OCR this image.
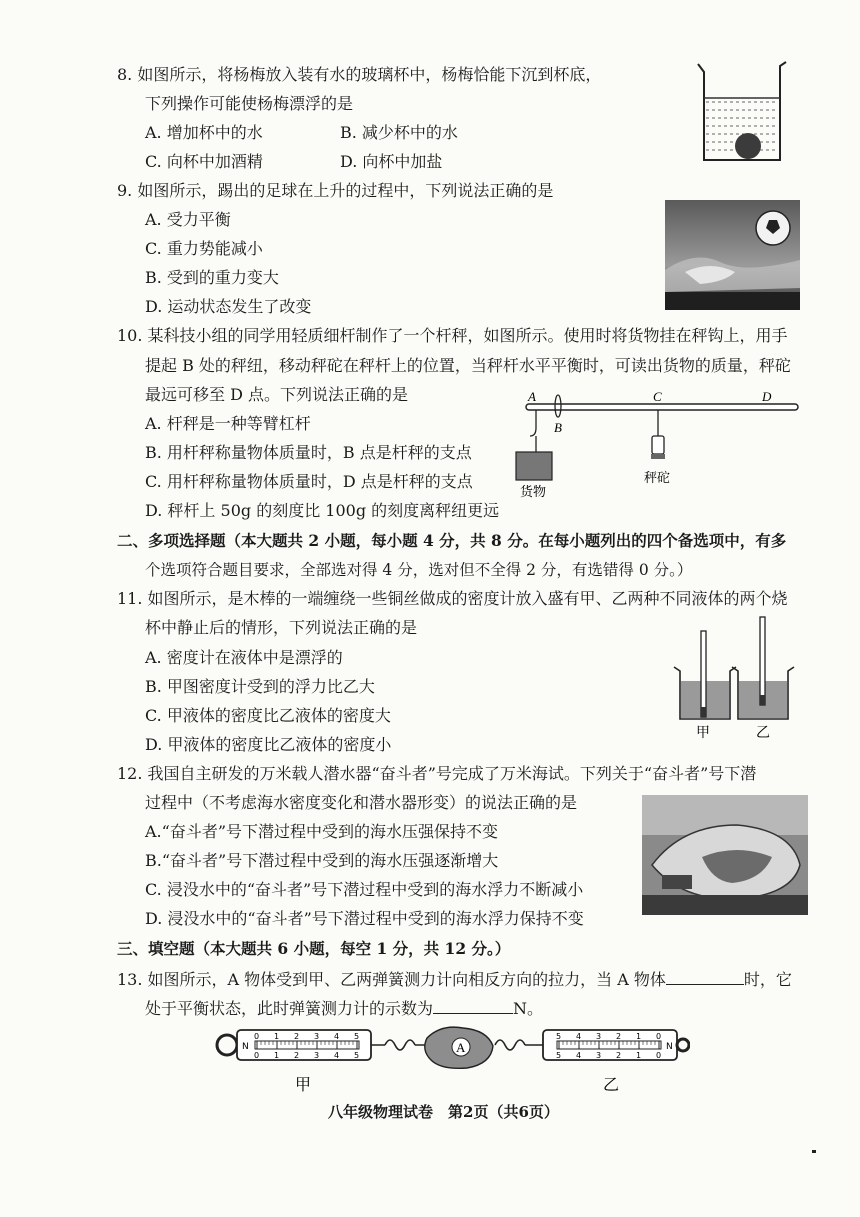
8. 如图所示，将杨梅放入装有水的玻璃杯中，杨梅恰能下沉到杯底，
下列操作可能使杨梅漂浮的是
A. 增加杯中的水	B. 减少杯中的水
C. 向杯中加酒精	D. 向杯中加盐
9. 如图所示，踢出的足球在上升的过程中，下列说法正确的是
A. 受力平衡
C. 重力势能减小
B. 受到的重力变大
D. 运动状态发生了改变
10. 某科技小组的同学用轻质细杆制作了一个杆秤，如图所示。使用时将货物挂在秤钩上，用手
提起 B 处的秤纽，移动秤砣在秤杆上的位置，当秤杆水平平衡时，可读出货物的质量，秤砣
最远可移至 D 点。下列说法正确的是
A. 杆秤是一种等臂杠杆
B. 用杆秤称量物体质量时，B 点是杆秤的支点
C. 用杆秤称量物体质量时，D 点是杆秤的支点
D. 秤杆上 50g 的刻度比 100g 的刻度离秤纽更远
A
B
C	D
货物
秤砣
二、多项选择题（本大题共 2 小题，每小题 4 分，共 8 分。在每小题列出的四个备选项中，有多
个选项符合题目要求，全部选对得 4 分，选对但不全得 2 分，有选错得 0 分。）
11. 如图所示，是木棒的一端缠绕一些铜丝做成的密度计放入盛有甲、乙两种不同液体的两个烧
杯中静止后的情形，下列说法正确的是
A. 密度计在液体中是漂浮的
B. 甲图密度计受到的浮力比乙大
C. 甲液体的密度比乙液体的密度大
D. 甲液体的密度比乙液体的密度小
甲	乙
12. 我国自主研发的万米载人潜水器“奋斗者”号完成了万米海试。下列关于“奋斗者”号下潜
过程中（不考虑海水密度变化和潜水器形变）的说法正确的是
A.“奋斗者”号下潜过程中受到的海水压强保持不变
B.“奋斗者”号下潜过程中受到的海水压强逐渐增大
C. 浸没水中的“奋斗者”号下潜过程中受到的海水浮力不断减小
D. 浸没水中的“奋斗者”号下潜过程中受到的海水浮力保持不变
三、填空题（本大题共 6 小题，每空 1 分，共 12 分。）
13. 如图所示，A 物体受到甲、乙两弹簧测力计向相反方向的拉力，当 A 物体	时，它
处于平衡状态，此时弹簧测力计的示数为	N。
N
0
0
1
1
2
2
3
3
4
4
5
5
A	N
0
0
1
1
2
2
3
3
4
4
5
5
甲	乙
八年级物理试卷　第2页（共6页）
